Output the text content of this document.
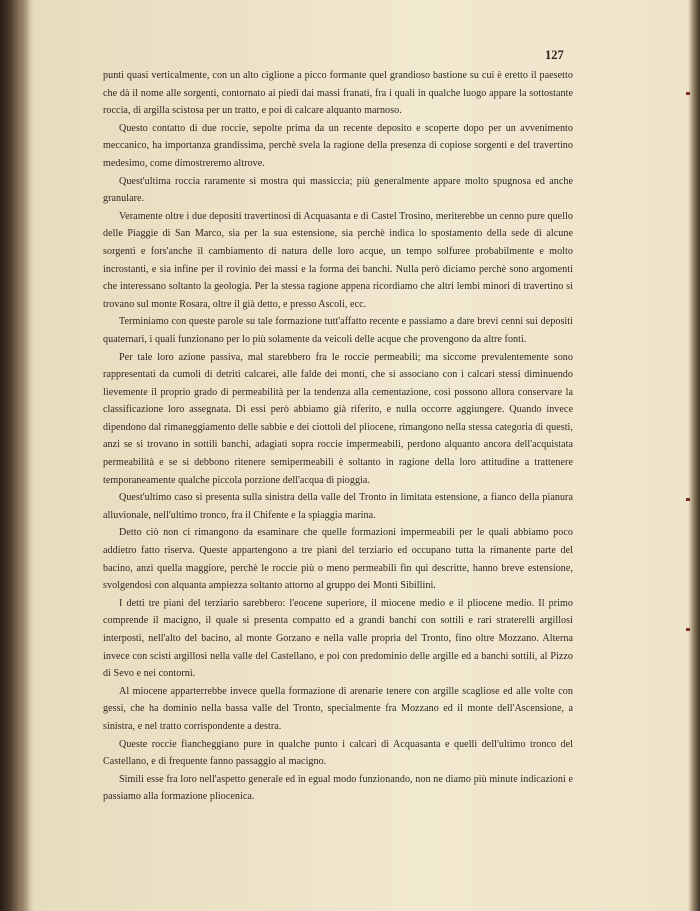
127

punti quasi verticalmente, con un alto ciglione a picco formante quel grandioso bastione su cui è eretto il paesetto che dà il nome alle sorgenti, contornato ai piedi dai massi franati, fra i quali in qualche luogo appare la sottostante roccia, di argilla scistosa per un tratto, e poi di calcare alquanto marnoso.

Questo contatto di due roccie, sepolte prima da un recente deposito e scoperte dopo per un avvenimento meccanico, ha importanza grandissima, perchè svela la ragione della presenza di copiose sorgenti e del travertino medesimo, come dimostreremo altrove.

Quest'ultima roccia raramente si mostra qui massiccia; più generalmente appare molto spugnosa ed anche granulare.

Veramente oltre i due depositi travertinosi di Acquasanta e di Castel Trosino, meriterebbe un cenno pure quello delle Piaggie di San Marco, sia per la sua estensione, sia perchè indica lo spostamento della sede di alcune sorgenti e fors'anche il cambiamento di natura delle loro acque, un tempo solfuree probabilmente e molto incrostanti, e sia infine per il rovinio dei massi e la forma dei banchi. Nulla però diciamo perchè sono argomenti che interessano soltanto la geologia. Per la stessa ragione appena ricordiamo che altri lembi minori di travertino si trovano sul monte Rosara, oltre il già detto, e presso Ascoli, ecc.

Terminiamo con queste parole su tale formazione tutt'affatto recente e passiamo a dare brevi cenni sui depositi quaternari, i quali funzionano per lo più solamente da veicoli delle acque che provengono da altre fonti.

Per tale loro azione passiva, mal starebbero fra le roccie permeabili; ma siccome prevalentemente sono rappresentati da cumoli di detriti calcarei, alle falde dei monti, che si associano con i calcari stessi diminuendo lievemente il proprio grado di permeabilità per la tendenza alla cementazione, così possono allora conservare la classificazione loro assegnata. Di essi però abbiamo già riferito, e nulla occorre aggiungere. Quando invece dipendono dal rimaneggiamento delle sabbie e dei ciottoli del pliocene, rimangono nella stessa categoria di questi, anzi se si trovano in sottili banchi, adagiati sopra roccie impermeabili, perdono alquanto ancora dell'acquistata permeabilità e se si debbono ritenere semipermeabili è soltanto in ragione della loro attitudine a trattenere temporaneamente qualche piccola porzione dell'acqua di pioggia.

Quest'ultimo caso si presenta sulla sinistra della valle del Tronto in limitata estensione, a fianco della pianura alluvionale, nell'ultimo tronco, fra il Chifente e la spiaggia marina.

Detto ciò non ci rimangono da esaminare che quelle formazioni impermeabili per le quali abbiamo poco addietro fatto riserva. Queste appartengono a tre piani del terziario ed occupano tutta la rimanente parte del bacino, anzi quella maggiore, perchè le roccie più o meno permeabili fin qui descritte, hanno breve estensione, svolgendosi con alquanta ampiezza soltanto attorno al gruppo dei Monti Sibillini.

I detti tre piani del terziario sarebbero: l'eocene superiore, il miocene medio e il pliocene medio. Il primo comprende il macigno, il quale si presenta compatto ed a grandi banchi con sottili e rari straterelli argillosi interposti, nell'alto del bacino, al monte Gorzano e nella valle propria del Tronto, fino oltre Mozzano. Alterna invece con scisti argillosi nella valle del Castellano, e poi con predominio delle argille ed a banchi sottili, al Pizzo di Sevo e nei contorni.

Al miocene apparterrebbe invece quella formazione di arenarie tenere con argille scagliose ed alle volte con gessi, che ha dominio nella bassa valle del Tronto, specialmente fra Mozzano ed il monte dell'Ascensione, a sinistra, e nel tratto corrispondente a destra.

Queste roccie fiancheggiano pure in qualche punto i calcari di Acquasanta e quelli dell'ultimo tronco del Castellano, e di frequente fanno passaggio al macigno.

Simili esse fra loro nell'aspetto generale ed in egual modo funzionando, non ne diamo più minute indicazioni e passiamo alla formazione pliocenica.
